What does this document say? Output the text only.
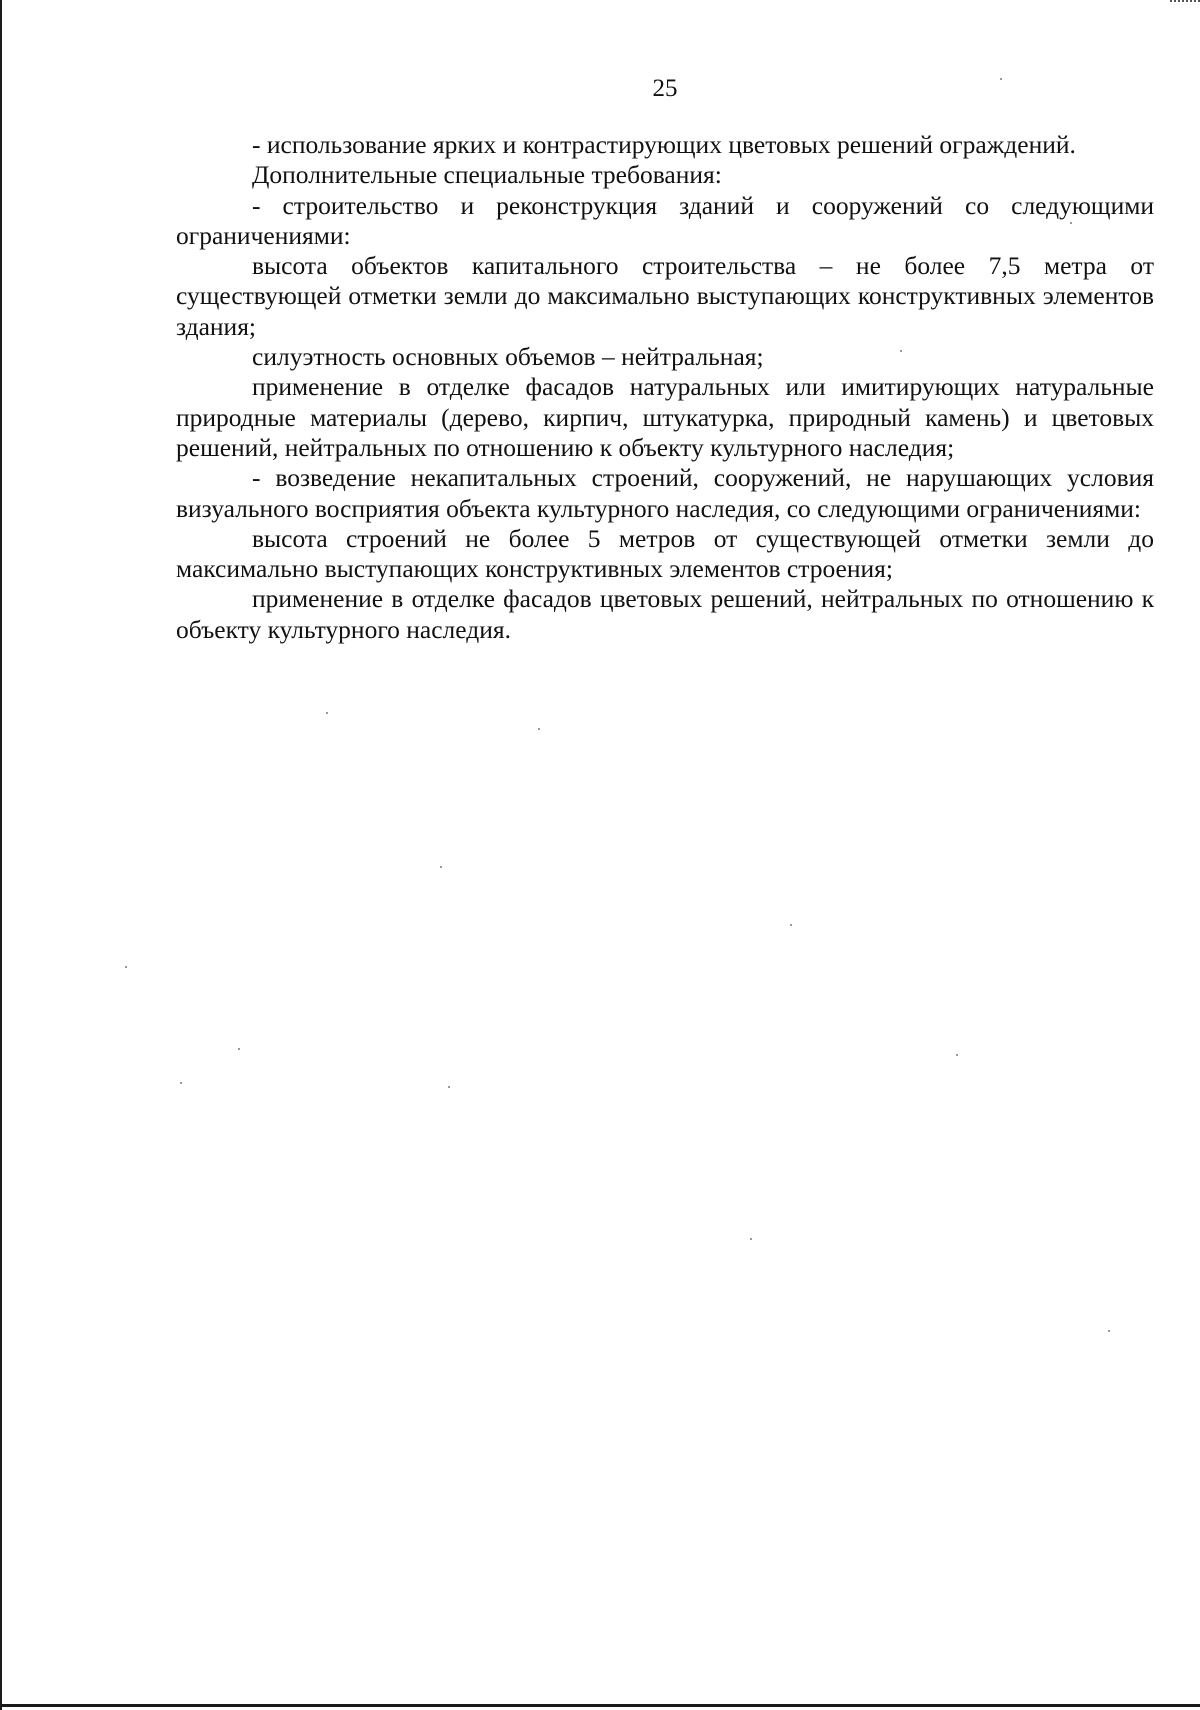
25

- использование ярких и контрастирующих цветовых решений ограждений.

Дополнительные специальные требования:

- строительство и реконструкция зданий и сооружений со следующими ограничениями:

высота объектов капитального строительства – не более 7,5 метра от существующей отметки земли до максимально выступающих конструктивных элементов здания;

силуэтность основных объемов – нейтральная;

применение в отделке фасадов натуральных или имитирующих натуральные природные материалы (дерево, кирпич, штукатурка, природный камень) и цветовых решений, нейтральных по отношению к объекту культурного наследия;

- возведение некапитальных строений, сооружений, не нарушающих условия визуального восприятия объекта культурного наследия, со следующими ограничениями:

высота строений не более 5 метров от существующей отметки земли до максимально выступающих конструктивных элементов строения;

применение в отделке фасадов цветовых решений, нейтральных по отношению к объекту культурного наследия.
